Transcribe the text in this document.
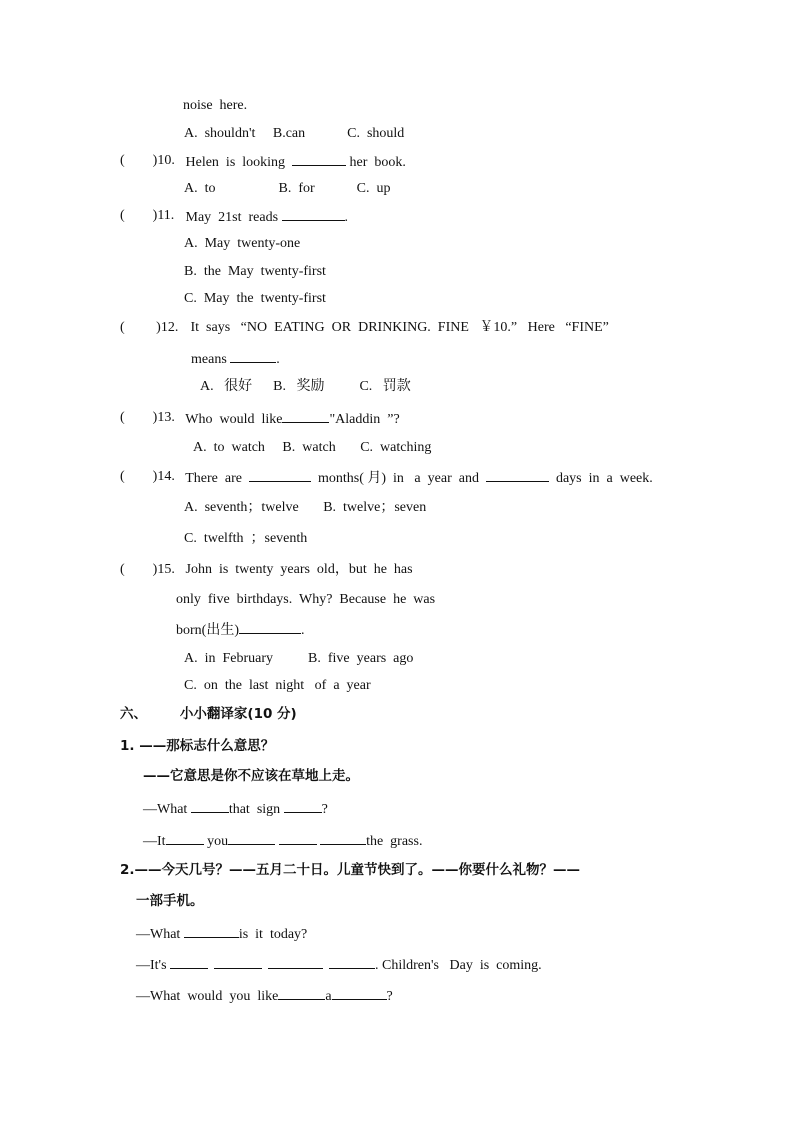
noise  here.
A.  shouldn't     B.can            C.  should
(        )10. Helen  is  looking	her  book.
A.  to                  B.  for            C.  up
(        )11. May  21st  reads	.
A.  May  twenty-one
B.  the  May  twenty-first
C.  May  the  twenty-first
(         )12. It  says   “NO  EATING  OR  DRINKING.  FINE   ￥10.”   Here   “FINE”
means	.
A.   很好      B.   奖励          C.   罚款
(        )13. Who  would  like	"Aladdin  ”?
A.  to  watch     B.  watch       C.  watching
(        )14. There  are	months( 月)  in   a  year  and	days  in  a  week.
A.  seventh；twelve       B.  twelve；seven
C.  twelfth  ；seventh
(        )15. John  is  twenty  years  old，but  he  has
only  five  birthdays.  Why?  Because  he  was
born(出生)	.
A.  in  February          B.  five  years  ago
C.  on  the  last  night   of  a  year
六、       小小翻译家(10 分)
1. ——那标志什么意思？
——它意思是你不应该在草地上走。
—What	that  sign	?
—It	you	the  grass.
2.——今天几号？——五月二十日。儿童节快到了。——你要什么礼物？——
一部手机。
—What	is  it  today?
—It's	. Children's   Day  is  coming.
—What  would  you  like	a	?
